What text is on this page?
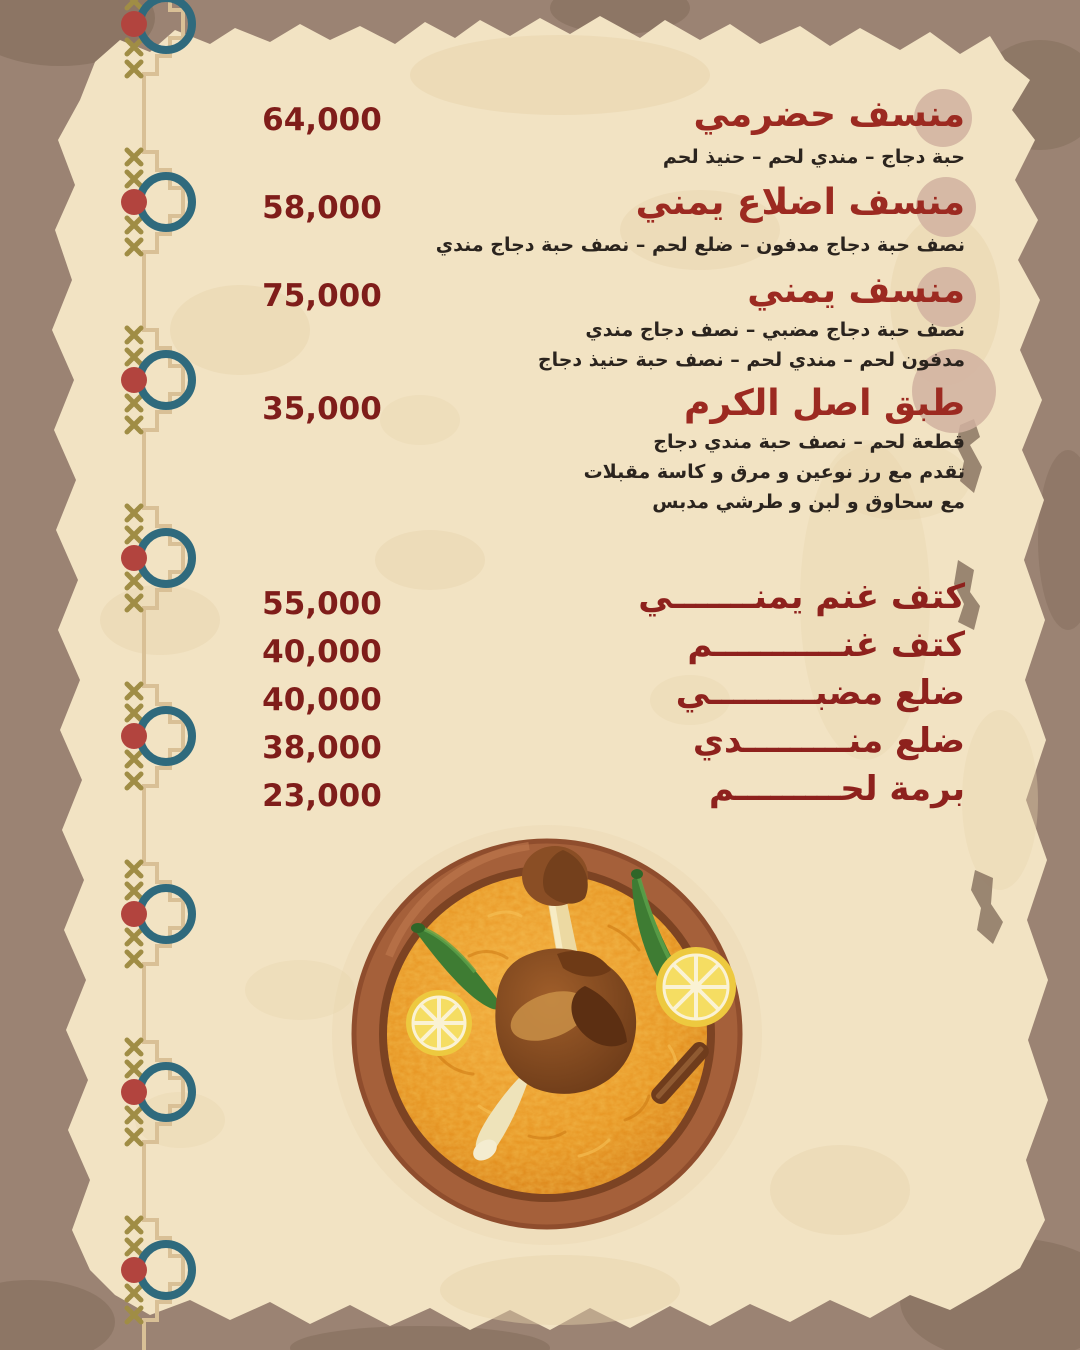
منسف حضرمي
64,000
حبة دجاج – مندي لحم – حنيذ لحم
منسف اضلاع يمني
58,000
نصف حبة دجاج مدفون – ضلع لحم – نصف حبة دجاج مندي
منسف يمني
75,000
نصف حبة دجاج مضبي – نصف دجاج مندي
مدفون لحم – مندي لحم – نصف حبة حنيذ دجاج
طبق اصل الكرم
35,000
قطعة لحم – نصف حبة مندي دجاج
تقدم مع رز نوعين و مرق و كاسة مقبلات
مع سحاوق و لبن و طرشي مدبس
كتف غنم يمنـــــــي
55,000
كتف غنـــــــــــم
40,000
ضلع مضبـــــــــي
40,000
ضلع منـــــــــدي
38,000
برمة لحـــــــــم
23,000
